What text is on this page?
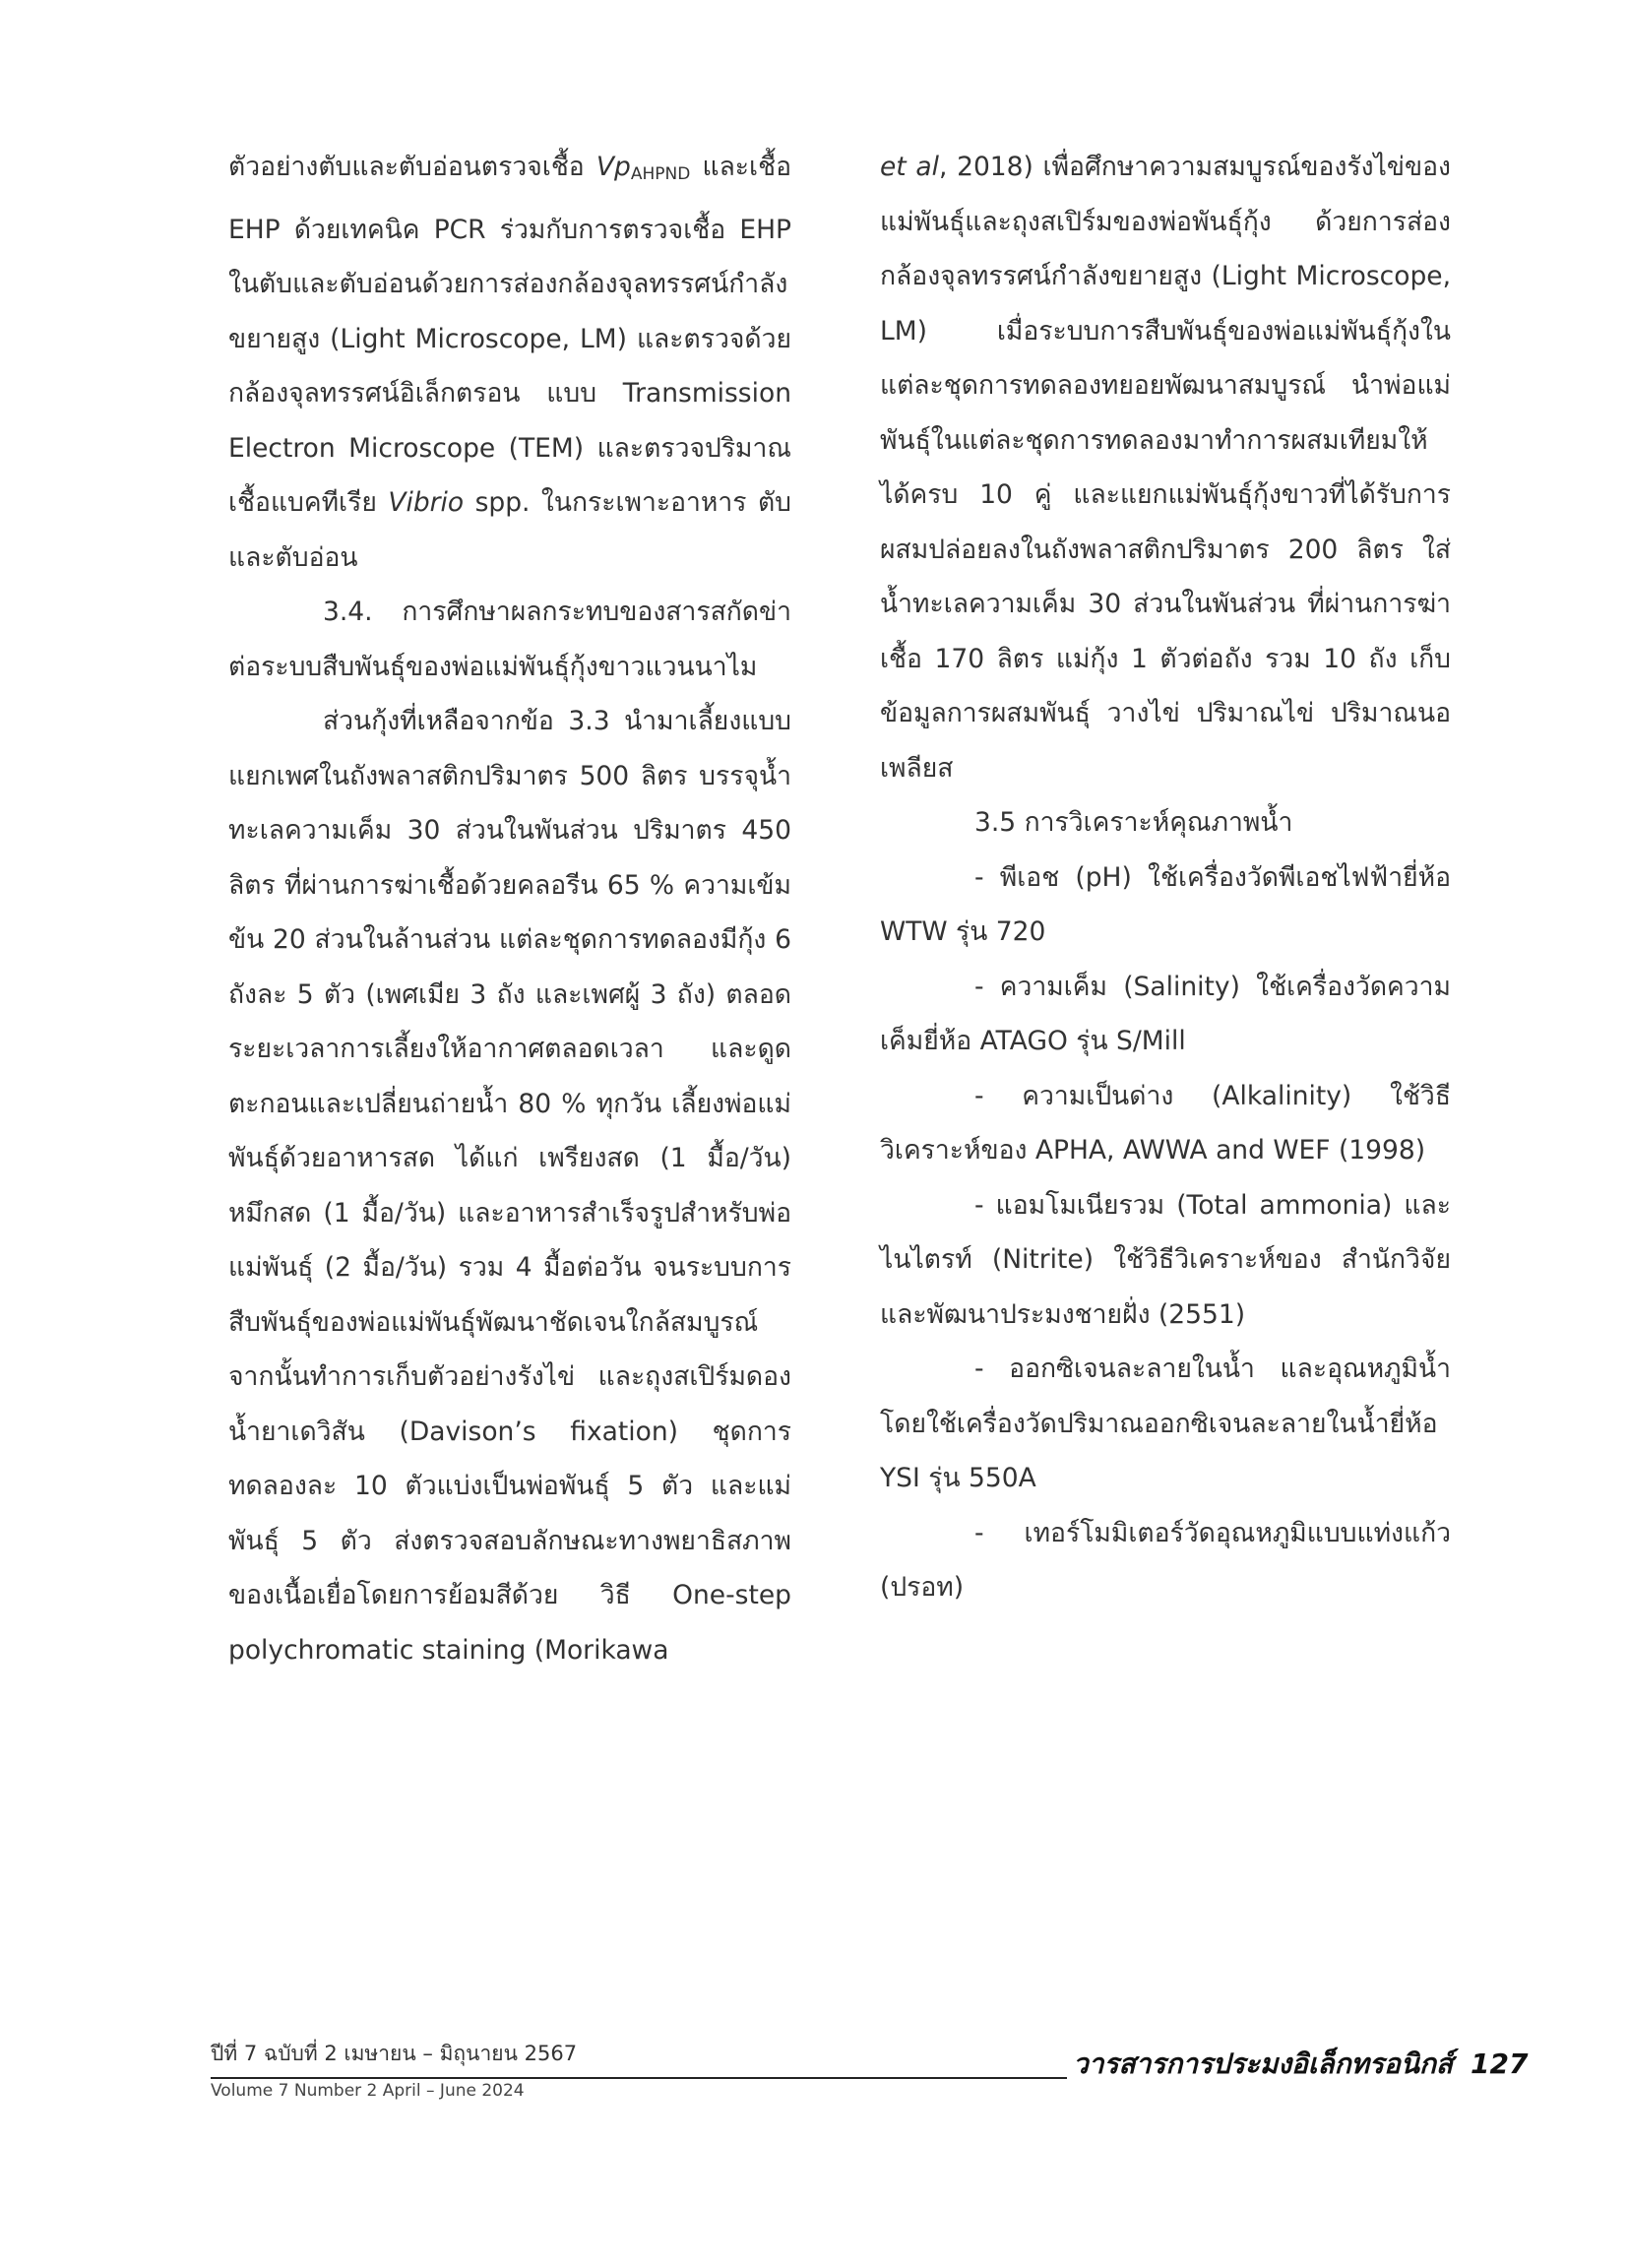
ตัวอย่างตับและตับอ่อนตรวจเชื้อ $Vp_{AHPND}$ และเชื้อ EHP ด้วยเทคนิค PCR ร่วมกับการตรวจเชื้อ EHP ในตับและตับอ่อนด้วยการส่องกล้องจุลทรรศน์กำลังขยายสูง (Light Microscope, LM) และตรวจด้วยกล้องจุลทรรศน์อิเล็กตรอน แบบ Transmission Electron Microscope (TEM) และตรวจปริมาณเชื้อแบคทีเรีย Vibrio spp. ในกระเพาะอาหาร ตับและตับอ่อน

3.4. การศึกษาผลกระทบของสารสกัดข่าต่อระบบสืบพันธุ์ของพ่อแม่พันธุ์กุ้งขาวแวนนาไม

ส่วนกุ้งที่เหลือจากข้อ 3.3 นำมาเลี้ยงแบบแยกเพศในถังพลาสติกปริมาตร 500 ลิตร บรรจุน้ำทะเลความเค็ม 30 ส่วนในพันส่วน ปริมาตร 450 ลิตร ที่ผ่านการฆ่าเชื้อด้วยคลอรีน 65 % ความเข้มข้น 20 ส่วนในล้านส่วน แต่ละชุดการทดลองมีกุ้ง 6 ถังละ 5 ตัว (เพศเมีย 3 ถัง และเพศผู้ 3 ถัง) ตลอดระยะเวลาการเลี้ยงให้อากาศตลอดเวลา และดูดตะกอนและเปลี่ยนถ่ายน้ำ 80 % ทุกวัน เลี้ยงพ่อแม่พันธุ์ด้วยอาหารสด ได้แก่ เพรียงสด (1 มื้อ/วัน) หมึกสด (1 มื้อ/วัน) และอาหารสำเร็จรูปสำหรับพ่อแม่พันธุ์ (2 มื้อ/วัน) รวม 4 มื้อต่อวัน จนระบบการสืบพันธุ์ของพ่อแม่พันธุ์พัฒนาชัดเจนใกล้สมบูรณ์ จากนั้นทำการเก็บตัวอย่างรังไข่ และถุงสเปิร์มดองน้ำยาเดวิสัน (Davison’s fixation) ชุดการทดลองละ 10 ตัวแบ่งเป็นพ่อพันธุ์ 5 ตัว และแม่พันธุ์ 5 ตัว ส่งตรวจสอบลักษณะทางพยาธิสภาพของเนื้อเยื่อโดยการย้อมสีด้วย วิธี One-step polychromatic staining (Morikawa

et al, 2018) เพื่อศึกษาความสมบูรณ์ของรังไข่ของแม่พันธุ์และถุงสเปิร์มของพ่อพันธุ์กุ้ง ด้วยการส่องกล้องจุลทรรศน์กำลังขยายสูง (Light Microscope, LM) เมื่อระบบการสืบพันธุ์ของพ่อแม่พันธุ์กุ้งในแต่ละชุดการทดลองทยอยพัฒนาสมบูรณ์ นำพ่อแม่พันธุ์ในแต่ละชุดการทดลองมาทำการผสมเทียมให้ได้ครบ 10 คู่ และแยกแม่พันธุ์กุ้งขาวที่ได้รับการผสมปล่อยลงในถังพลาสติกปริมาตร 200 ลิตร ใส่น้ำทะเลความเค็ม 30 ส่วนในพันส่วน ที่ผ่านการฆ่าเชื้อ 170 ลิตร แม่กุ้ง 1 ตัวต่อถัง รวม 10 ถัง เก็บข้อมูลการผสมพันธุ์ วางไข่ ปริมาณไข่ ปริมาณนอเพลียส

3.5 การวิเคราะห์คุณภาพน้ำ

- พีเอช (pH) ใช้เครื่องวัดพีเอชไฟฟ้ายี่ห้อ WTW รุ่น 720

- ความเค็ม (Salinity) ใช้เครื่องวัดความเค็มยี่ห้อ ATAGO รุ่น S/Mill

- ความเป็นด่าง (Alkalinity) ใช้วิธีวิเคราะห์ของ APHA, AWWA and WEF (1998)

- แอมโมเนียรวม (Total ammonia) และไนไตรท์ (Nitrite) ใช้วิธีวิเคราะห์ของ สำนักวิจัยและพัฒนาประมงชายฝั่ง (2551)

- ออกซิเจนละลายในน้ำ และอุณหภูมิน้ำ โดยใช้เครื่องวัดปริมาณออกซิเจนละลายในน้ำยี่ห้อ YSI รุ่น 550A

- เทอร์โมมิเตอร์วัดอุณหภูมิแบบแท่งแก้ว (ปรอท)

ปีที่ 7 ฉบับที่ 2 เมษายน – มิถุนายน 2567
Volume 7 Number 2 April – June 2024
วารสารการประมงอิเล็กทรอนิกส์ 127
